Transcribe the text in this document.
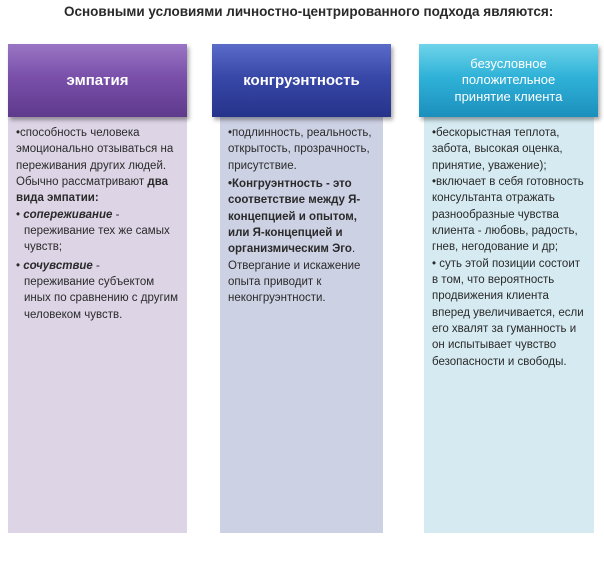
Основными условиями личностно-центрированного подхода являются:
эмпатия

•способность человека эмоционально отзываться на переживания других людей. Обычно рассматривают два вида эмпатии:

• сопереживание -

переживание тех же самых чувств;

• сочувствие -

переживание субъектом иных по сравнению с другим человеком чувств.

конгруэнтность

•подлинность, реальность, открытость, прозрачность, присутствие.

•Конгруэнтность - это соответствие между Я-концепцией и опытом, или Я-концепцией и организмическим Эго. Отвергание и искажение опыта приводит к неконгруэнтности.

безусловное
положительное
принятие клиента

•бескорыстная теплота, забота, высокая оценка, принятие, уважение);

•включает в себя готовность консультанта отражать разнообразные чувства клиента - любовь, радость, гнев, негодование и др;

• суть этой позиции состоит в том, что вероятность продвижения клиента вперед увеличивается, если его хвалят за гуманность и он испытывает чувство безопасности и свободы.
